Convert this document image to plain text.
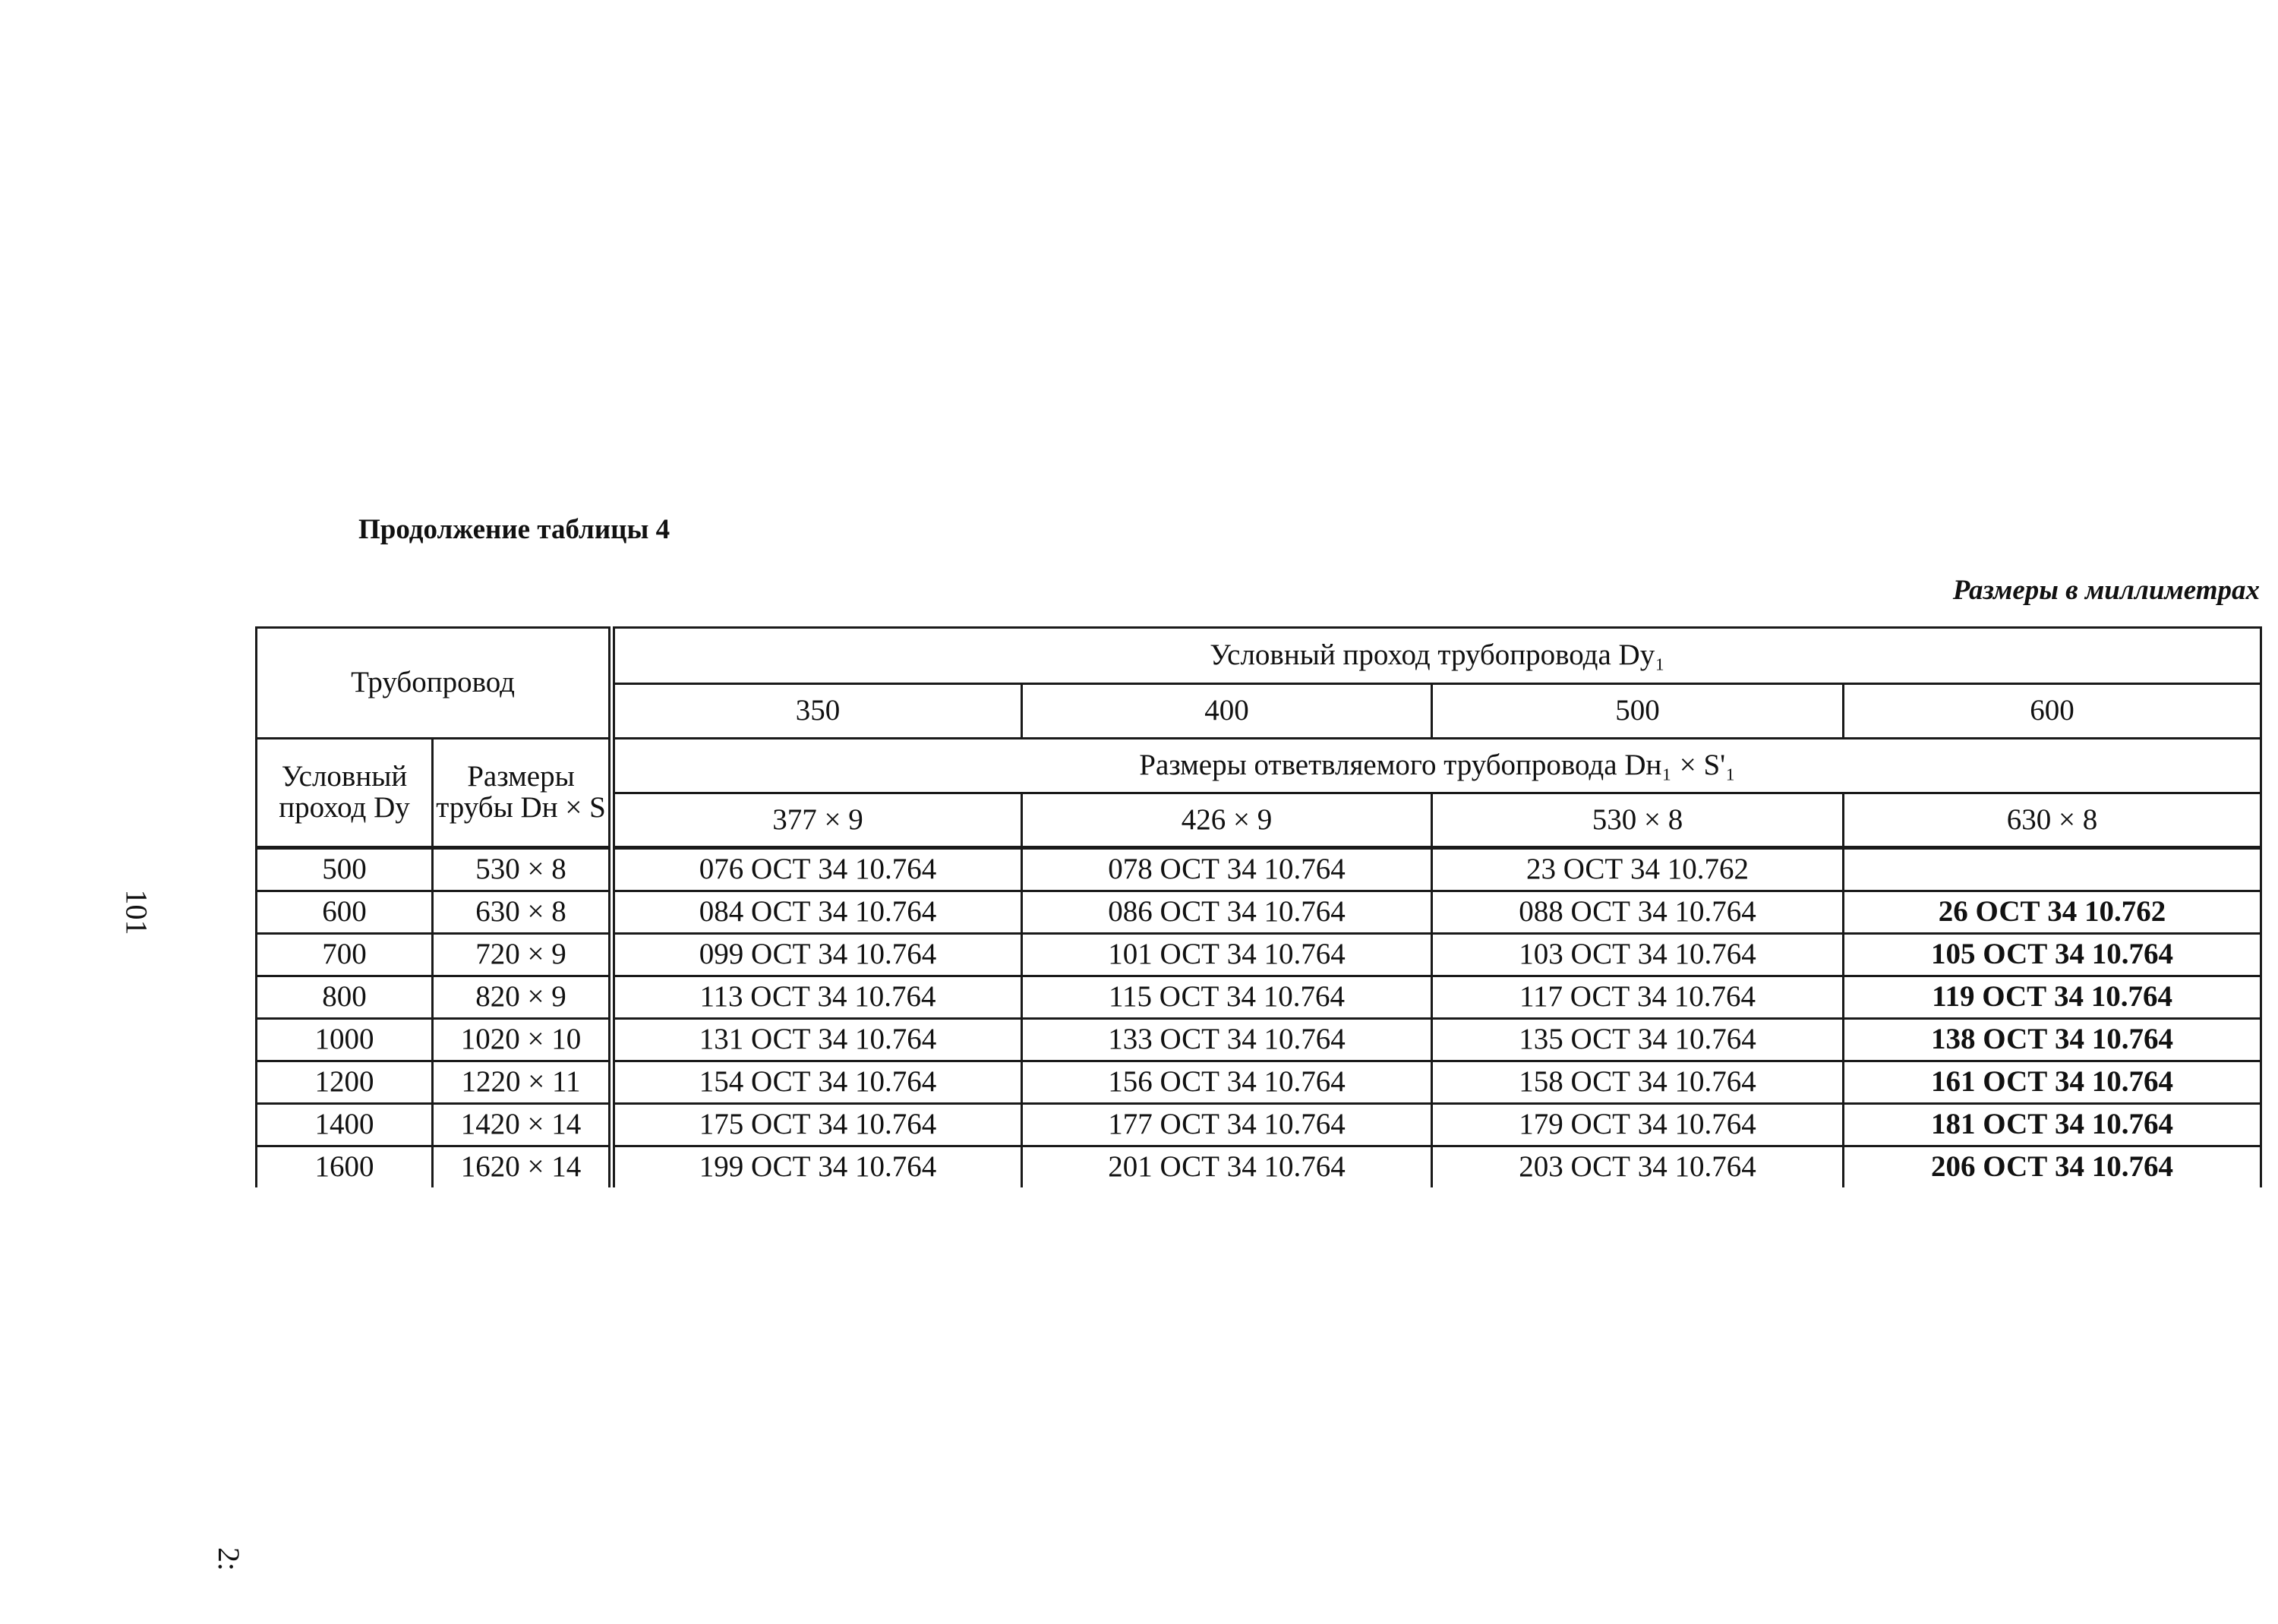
Продолжение таблицы 4
Размеры в миллиметрах
101
2:
Трубопровод		Условный проход трубопровода Dy₁			
		350	400	500	600
Условный проход Dy	Размеры трубы Dн × S	Размеры ответвляемого трубопровода Dн₁ × S'₁			
		377 × 9	426 × 9	530 × 8	630 × 8
500	530 × 8	076 ОСТ 34 10.764	078 ОСТ 34 10.764	23 ОСТ 34 10.762	
600	630 × 8	084 ОСТ 34 10.764	086 ОСТ 34 10.764	088 ОСТ 34 10.764	26 ОСТ 34 10.762
700	720 × 9	099 ОСТ 34 10.764	101 ОСТ 34 10.764	103 ОСТ 34 10.764	105 ОСТ 34 10.764
800	820 × 9	113 ОСТ 34 10.764	115 ОСТ 34 10.764	117 ОСТ 34 10.764	119 ОСТ 34 10.764
1000	1020 × 10	131 ОСТ 34 10.764	133 ОСТ 34 10.764	135 ОСТ 34 10.764	138 ОСТ 34 10.764
1200	1220 × 11	154 ОСТ 34 10.764	156 ОСТ 34 10.764	158 ОСТ 34 10.764	161 ОСТ 34 10.764
1400	1420 × 14	175 ОСТ 34 10.764	177 ОСТ 34 10.764	179 ОСТ 34 10.764	181 ОСТ 34 10.764
1600	1620 × 14	199 ОСТ 34 10.764	201 ОСТ 34 10.764	203 ОСТ 34 10.764	206 ОСТ 34 10.764
